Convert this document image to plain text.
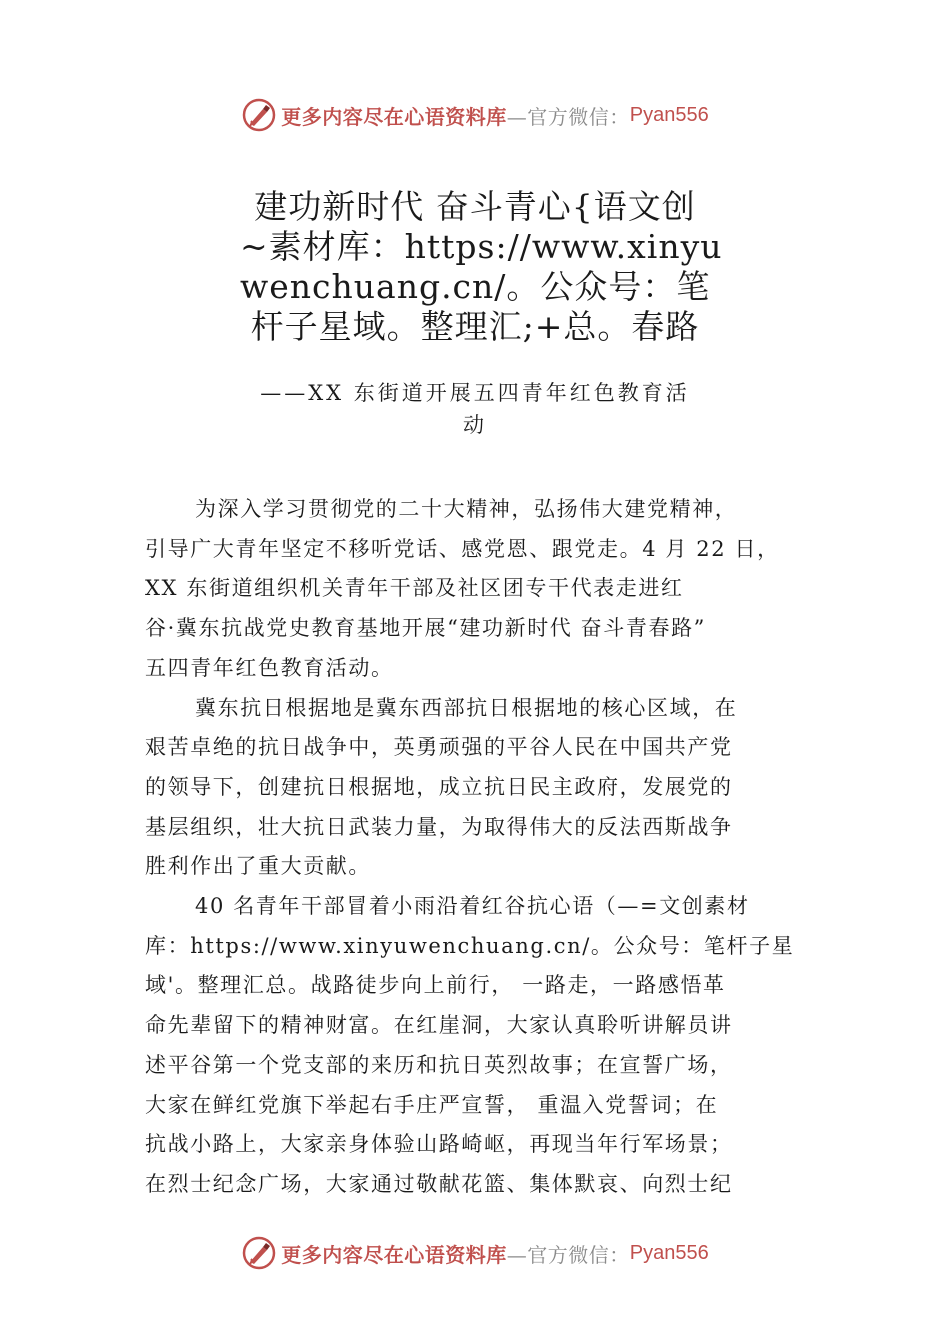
更多内容尽在心语资料库 —官方微信： Pyan556
建功新时代 奋斗青心{语文创
~素材库：https://www.xinyu
wenchuang.cn/。公众号：笔
杆子星域。整理汇;+总。春路
——XX 东街道开展五四青年红色教育活
动
为深入学习贯彻党的二十大精神，弘扬伟大建党精神，
引导广大青年坚定不移听党话、感党恩、跟党走。4 月 22 日，
XX 东街道组织机关青年干部及社区团专干代表走进红
谷·冀东抗战党史教育基地开展“建功新时代 奋斗青春路”
五四青年红色教育活动。
冀东抗日根据地是冀东西部抗日根据地的核心区域，在
艰苦卓绝的抗日战争中，英勇顽强的平谷人民在中国共产党
的领导下，创建抗日根据地，成立抗日民主政府，发展党的
基层组织，壮大抗日武装力量，为取得伟大的反法西斯战争
胜利作出了重大贡献。
40 名青年干部冒着小雨沿着红谷抗心语（—=文创素材
库：https://www.xinyuwenchuang.cn/。公众号：笔杆子星
域'。整理汇总。战路徒步向上前行， 一路走，一路感悟革
命先辈留下的精神财富。在红崖洞，大家认真聆听讲解员讲
述平谷第一个党支部的来历和抗日英烈故事；在宣誓广场，
大家在鲜红党旗下举起右手庄严宣誓， 重温入党誓词；在
抗战小路上，大家亲身体验山路崎岖，再现当年行军场景；
在烈士纪念广场，大家通过敬献花篮、集体默哀、向烈士纪
更多内容尽在心语资料库 —官方微信： Pyan556
